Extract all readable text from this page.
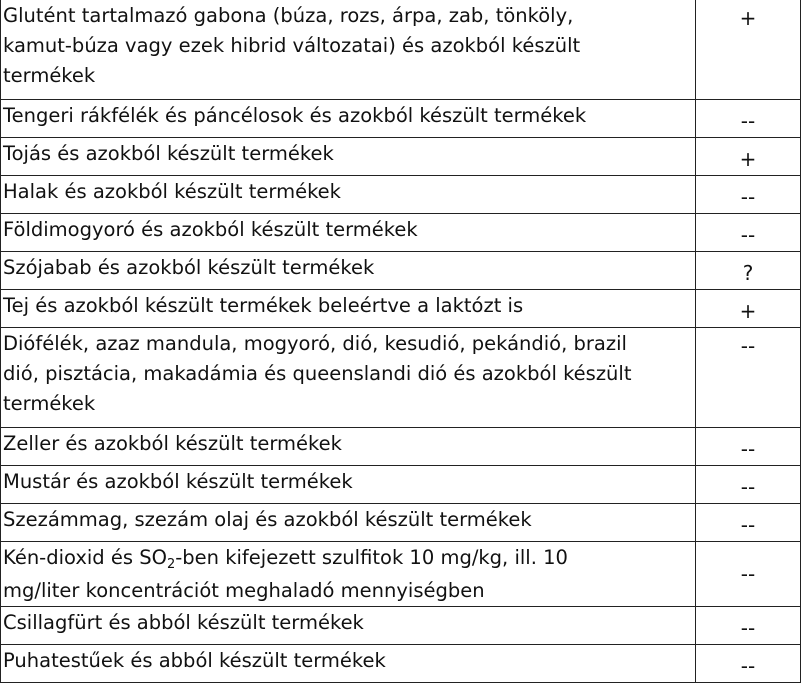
Glutént tartalmazó gabona (búza, rozs, árpa, zab, tönköly,
kamut-búza vagy ezek hibrid változatai) és azokból készült
termékek	+

Tengeri rákfélék és páncélosok és azokból készült termékek	--

Tojás és azokból készült termékek	+

Halak és azokból készült termékek	--

Földimogyoró és azokból készült termékek	--

Szójabab és azokból készült termékek	?

Tej és azokból készült termékek beleértve a laktózt is	+

Diófélék, azaz mandula, mogyoró, dió, kesudió, pekándió, brazil
dió, pisztácia, makadámia és queenslandi dió és azokból készült
termékek	--

Zeller és azokból készült termékek	--

Mustár és azokból készült termékek	--

Szezámmag, szezám olaj és azokból készült termékek	--

Kén-dioxid és $SO_2$-ben kifejezett szulfitok 10 mg/kg, ill. 10
mg/liter koncentrációt meghaladó mennyiségben	--

Csillagfürt és abból készült termékek	--

Puhatestűek és abból készült termékek	--
